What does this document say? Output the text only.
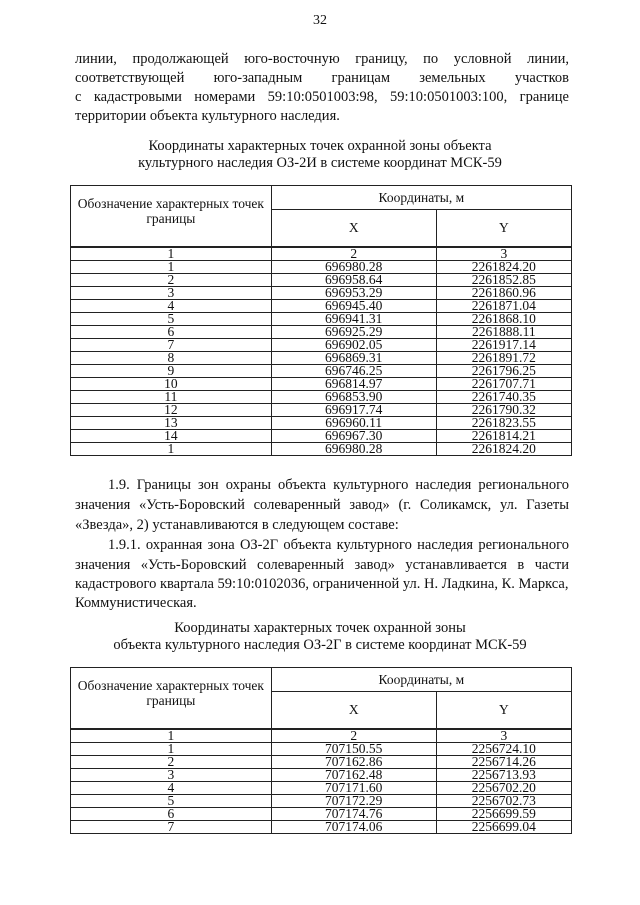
32
линии, продолжающей юго-восточную границу, по условной линии,
соответствующей юго-западным границам земельных участков
с кадастровыми номерами 59:10:0501003:98, 59:10:0501003:100, границе
территории объекта культурного наследия.
Координаты характерных точек охранной зоны объекта
культурного наследия ОЗ-2И в системе координат МСК-59
Обозначение характерных точек границы	Координаты, м	
	X	Y
1	2	3
1	696980.28	2261824.20
2	696958.64	2261852.85
3	696953.29	2261860.96
4	696945.40	2261871.04
5	696941.31	2261868.10
6	696925.29	2261888.11
7	696902.05	2261917.14
8	696869.31	2261891.72
9	696746.25	2261796.25
10	696814.97	2261707.71
11	696853.90	2261740.35
12	696917.74	2261790.32
13	696960.11	2261823.55
14	696967.30	2261814.21
1	696980.28	2261824.20
1.9. Границы зон охраны объекта культурного наследия регионального
значения «Усть-Боровский солеваренный завод» (г. Соликамск, ул. Газеты
«Звезда», 2) устанавливаются в следующем составе:
1.9.1. охранная зона ОЗ-2Г объекта культурного наследия регионального
значения «Усть-Боровский солеваренный завод» устанавливается в части
кадастрового квартала 59:10:0102036, ограниченной ул. Н. Ладкина, К. Маркса,
Коммунистическая.
Координаты характерных точек охранной зоны
объекта культурного наследия ОЗ-2Г в системе координат МСК-59
Обозначение характерных точек границы	Координаты, м	
	X	Y
1	2	3
1	707150.55	2256724.10
2	707162.86	2256714.26
3	707162.48	2256713.93
4	707171.60	2256702.20
5	707172.29	2256702.73
6	707174.76	2256699.59
7	707174.06	2256699.04
